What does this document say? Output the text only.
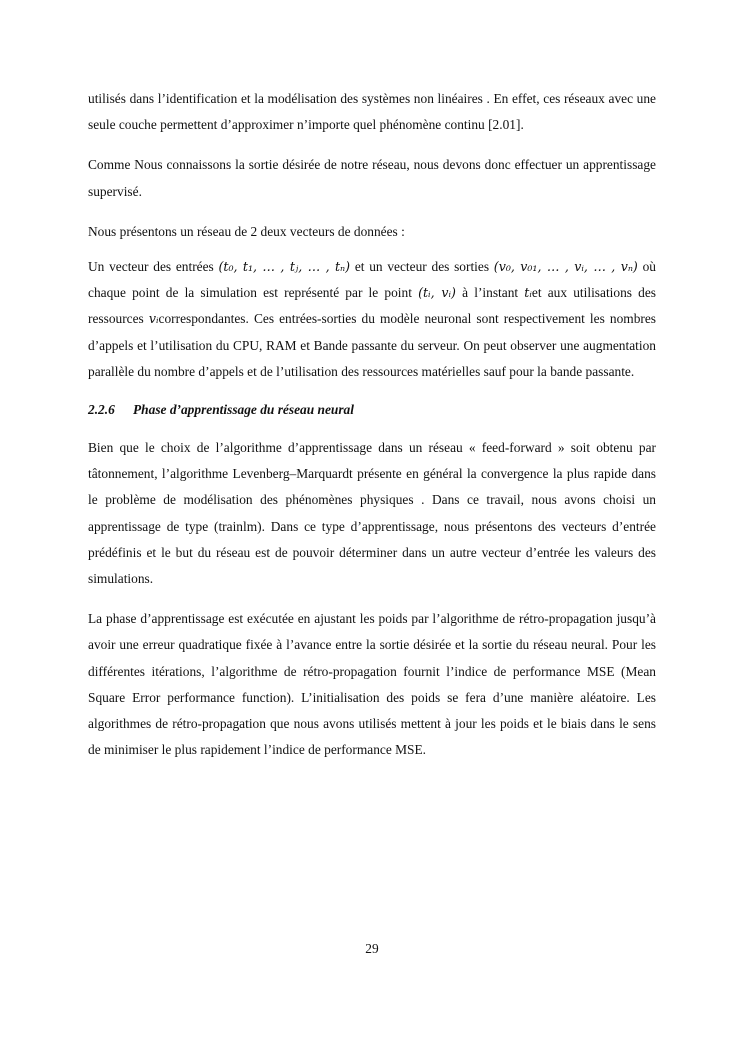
utilisés dans l’identification et la modélisation des systèmes non linéaires . En effet, ces réseaux avec une seule couche permettent d’approximer n’importe quel phénomène continu [2.01].

Comme Nous connaissons la sortie désirée de notre réseau, nous devons donc effectuer un apprentissage supervisé.

Nous présentons un réseau de 2 deux vecteurs de données :

Un vecteur des entrées (t₀, t₁, … , tⱼ, … , tₙ) et un vecteur des sorties (v₀, v₀₁, … , vᵢ, … , vₙ) où chaque point de la simulation est représenté par le point (tᵢ, vᵢ) à l’instant tᵢet aux utilisations des ressources vᵢcorrespondantes. Ces entrées-sorties du modèle neuronal sont respectivement les nombres d’appels et l’utilisation du CPU, RAM et Bande passante du serveur. On peut observer une augmentation parallèle du nombre d’appels et de l’utilisation des ressources matérielles sauf pour la bande passante.

2.2.6 Phase d’apprentissage du réseau neural

Bien que le choix de l’algorithme d’apprentissage dans un réseau « feed-forward » soit obtenu par tâtonnement, l’algorithme Levenberg–Marquardt présente en général la convergence la plus rapide dans le problème de modélisation des phénomènes physiques . Dans ce travail, nous avons choisi un apprentissage de type (trainlm). Dans ce type d’apprentissage, nous présentons des vecteurs d’entrée prédéfinis et le but du réseau est de pouvoir déterminer dans un autre vecteur d’entrée les valeurs des simulations.

La phase d’apprentissage est exécutée en ajustant les poids par l’algorithme de rétro-propagation jusqu’à avoir une erreur quadratique fixée à l’avance entre la sortie désirée et la sortie du réseau neural. Pour les différentes itérations, l’algorithme de rétro-propagation fournit l’indice de performance MSE (Mean Square Error performance function). L’initialisation des poids se fera d’une manière aléatoire. Les algorithmes de rétro-propagation que nous avons utilisés mettent à jour les poids et le biais dans le sens de minimiser le plus rapidement l’indice de performance MSE.

29
